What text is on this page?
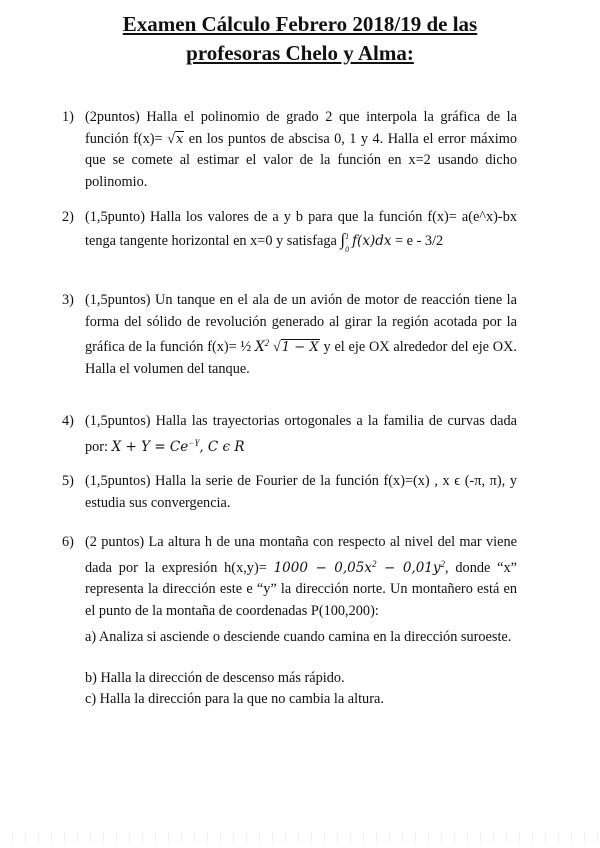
Examen Cálculo Febrero 2018/19 de las
profesoras Chelo y Alma:
1) (2puntos) Halla el polinomio de grado 2 que interpola la gráfica de la función f(x)= √x en los puntos de abscisa 0, 1 y 4. Halla el error máximo que se comete al estimar el valor de la función en x=2 usando dicho polinomio.
2) (1,5punto) Halla los valores de a y b para que la función f(x)= a(e^x)-bx tenga tangente horizontal en x=0 y satisfaga ∫ 1
0
f(x)dx = e - 3/2
3) (1,5puntos) Un tanque en el ala de un avión de motor de reacción tiene la forma del sólido de revolución generado al girar la región acotada por la gráfica de la función f(x)= ½ $X^2$ √1 − X y el eje OX alrededor del eje OX. Halla el volumen del tanque.
4) (1,5puntos) Halla las trayectorias ortogonales a la familia de curvas dada por: $X + Y = Ce^{-Y}$, C ϵ R
5) (1,5puntos) Halla la serie de Fourier de la función f(x)=(x) , x ϵ (-π, π), y estudia sus convergencia.
6) (2 puntos) La altura h de una montaña con respecto al nivel del mar viene dada por la expresión $h(x,y)= 1000 - 0,05x^2 - 0,01y^2$, donde “x” representa la dirección este e “y” la dirección norte. Un montañero está en el punto de la montaña de coordenadas P(100,200):
a) Analiza si asciende o desciende cuando camina en la dirección suroeste.
b) Halla la dirección de descenso más rápido.
c) Halla la dirección para la que no cambia la altura.
